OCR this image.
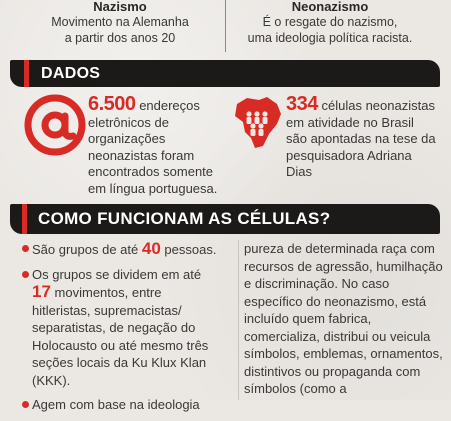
Nazismo
Movimento na Alemanha
a partir dos anos 20
Neonazismo
É o resgate do nazismo,
uma ideologia política racista.
DADOS
6.500 endereços eletrônicos de organizações neonazistas foram encontrados somente em língua portuguesa.
334 células neonazistas em atividade no Brasil são apontadas na tese da pesquisadora Adriana Dias
COMO FUNCIONAM AS CÉLULAS?
São grupos de até 40 pessoas.
Os grupos se dividem em até 17 movimentos, entre hitleristas, supremacistas/ separatistas, de negação do Holocausto ou até mesmo três seções locais da Ku Klux Klan (KKK).
Agem com base na ideologia
pureza de determinada raça com recursos de agressão, humilhação e discriminação. No caso específico do neonazismo, está incluído quem fabrica, comercializa, distribui ou veicula símbolos, emblemas, ornamentos, distintivos ou propaganda com símbolos (como a
